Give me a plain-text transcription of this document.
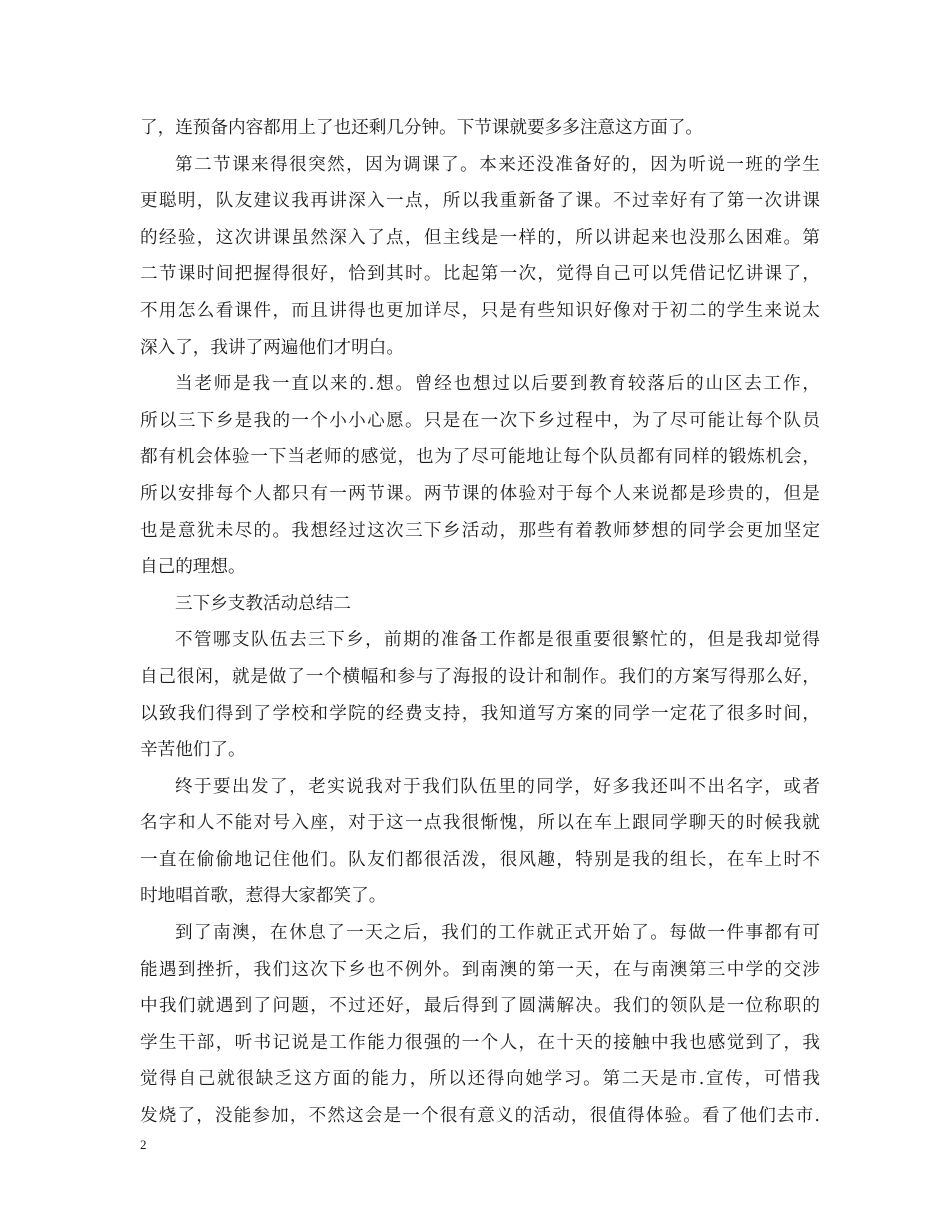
了，连预备内容都用上了也还剩几分钟。下节课就要多多注意这方面了。
第二节课来得很突然，因为调课了。本来还没准备好的，因为听说一班的学生
更聪明，队友建议我再讲深入一点，所以我重新备了课。不过幸好有了第一次讲课
的经验，这次讲课虽然深入了点，但主线是一样的，所以讲起来也没那么困难。第
二节课时间把握得很好，恰到其时。比起第一次，觉得自己可以凭借记忆讲课了，
不用怎么看课件，而且讲得也更加详尽，只是有些知识好像对于初二的学生来说太
深入了，我讲了两遍他们才明白。
当老师是我一直以来的.想。曾经也想过以后要到教育较落后的山区去工作，
所以三下乡是我的一个小小心愿。只是在一次下乡过程中，为了尽可能让每个队员
都有机会体验一下当老师的感觉，也为了尽可能地让每个队员都有同样的锻炼机会，
所以安排每个人都只有一两节课。两节课的体验对于每个人来说都是珍贵的，但是
也是意犹未尽的。我想经过这次三下乡活动，那些有着教师梦想的同学会更加坚定
自己的理想。
三下乡支教活动总结二
不管哪支队伍去三下乡，前期的准备工作都是很重要很繁忙的，但是我却觉得
自己很闲，就是做了一个横幅和参与了海报的设计和制作。我们的方案写得那么好，
以致我们得到了学校和学院的经费支持，我知道写方案的同学一定花了很多时间，
辛苦他们了。
终于要出发了，老实说我对于我们队伍里的同学，好多我还叫不出名字，或者
名字和人不能对号入座，对于这一点我很惭愧，所以在车上跟同学聊天的时候我就
一直在偷偷地记住他们。队友们都很活泼，很风趣，特别是我的组长，在车上时不
时地唱首歌，惹得大家都笑了。
到了南澳，在休息了一天之后，我们的工作就正式开始了。每做一件事都有可
能遇到挫折，我们这次下乡也不例外。到南澳的第一天，在与南澳第三中学的交涉
中我们就遇到了问题，不过还好，最后得到了圆满解决。我们的领队是一位称职的
学生干部，听书记说是工作能力很强的一个人，在十天的接触中我也感觉到了，我
觉得自己就很缺乏这方面的能力，所以还得向她学习。第二天是市.宣传，可惜我
发烧了，没能参加，不然这会是一个很有意义的活动，很值得体验。看了他们去市.
2
